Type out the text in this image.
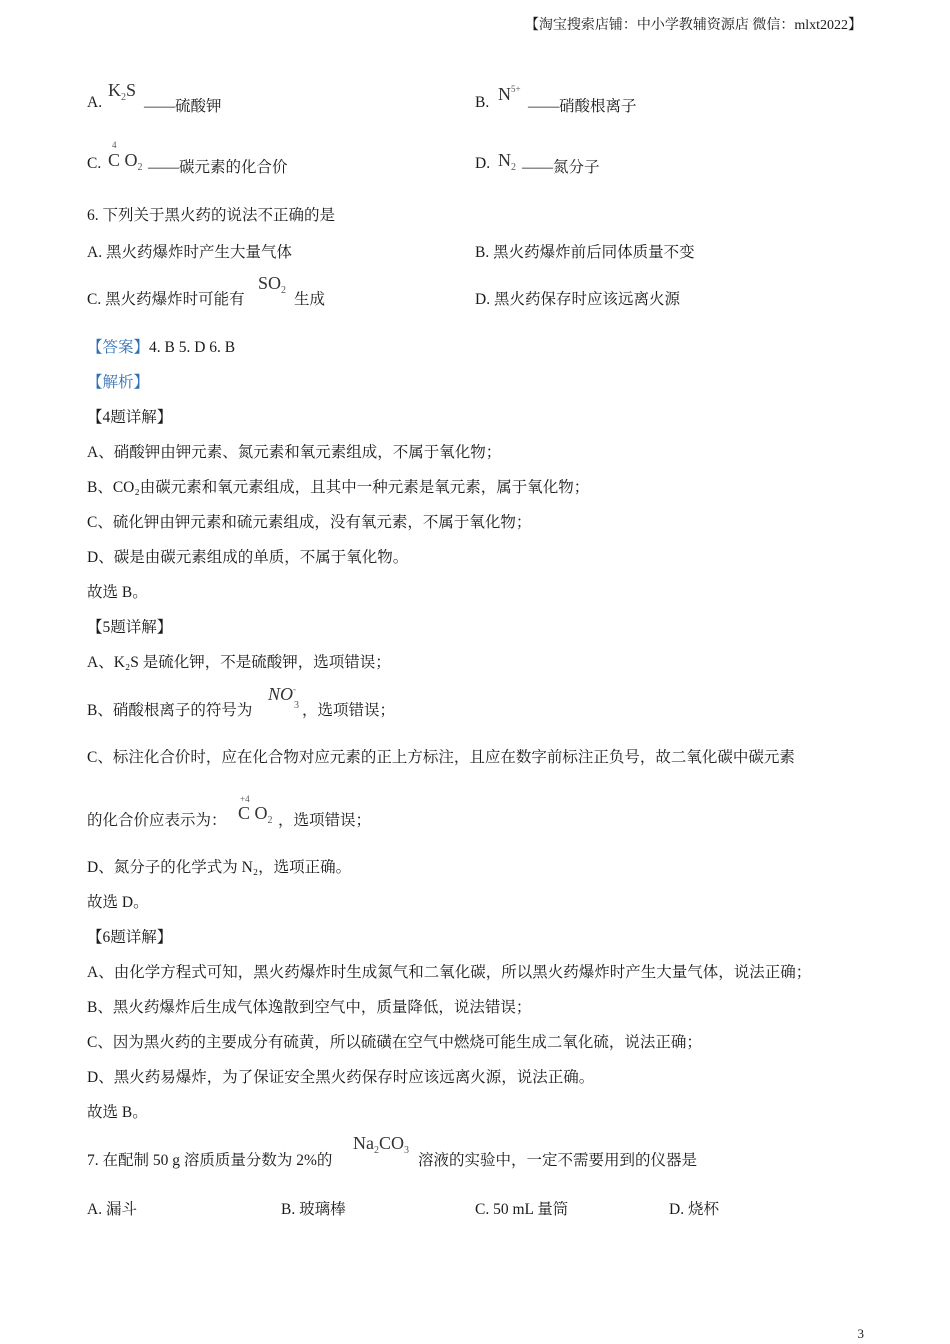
【淘宝搜索店铺：中小学教辅资源店 微信：mlxt2022】
A.
$K_2S$
——硫酸钾	B. $N^{5+}$
——硝酸根离子
C.
4
C $O_2$ ——碳元素的化合价	D. $N_2$ ——氮分子
6. 下列关于黑火药的说法不正确的是
A. 黑火药爆炸时产生大量气体	B. 黑火药爆炸前后同体质量不变
C. 黑火药爆炸时可能有
$SO_2$
生成	D. 黑火药保存时应该远离火源
【答案】4. B 5. D 6. B
【解析】
【4题详解】
A、硝酸钾由钾元素、氮元素和氧元素组成，不属于氧化物；
B、CO₂由碳元素和氧元素组成，且其中一种元素是氧元素，属于氧化物；
C、硫化钾由钾元素和硫元素组成，没有氧元素，不属于氧化物；
D、碳是由碳元素组成的单质，不属于氧化物。
故选 B。
【5题详解】
A、K₂S 是硫化钾，不是硫酸钾，选项错误；
B、硝酸根离子的符号为
NO-
3 ，选项错误；
C、标注化合价时，应在化合物对应元素的正上方标注，且应在数字前标注正负号，故二氧化碳中碳元素
的化合价应表示为：
+4
C $O_2$ ，选项错误；
D、氮分子的化学式为 N₂，选项正确。
故选 D。
【6题详解】
A、由化学方程式可知，黑火药爆炸时生成氮气和二氧化碳，所以黑火药爆炸时产生大量气体，说法正确；
B、黑火药爆炸后生成气体逸散到空气中，质量降低，说法错误；
C、因为黑火药的主要成分有硫黄，所以硫磺在空气中燃烧可能生成二氧化硫，说法正确；
D、黑火药易爆炸，为了保证安全黑火药保存时应该远离火源，说法正确。
故选 B。
7. 在配制 50 g 溶质质量分数为 2%的
$Na_2CO_3$
溶液的实验中，一定不需要用到的仪器是
A. 漏斗	B. 玻璃棒	C. 50 mL 量筒	D. 烧杯
3
